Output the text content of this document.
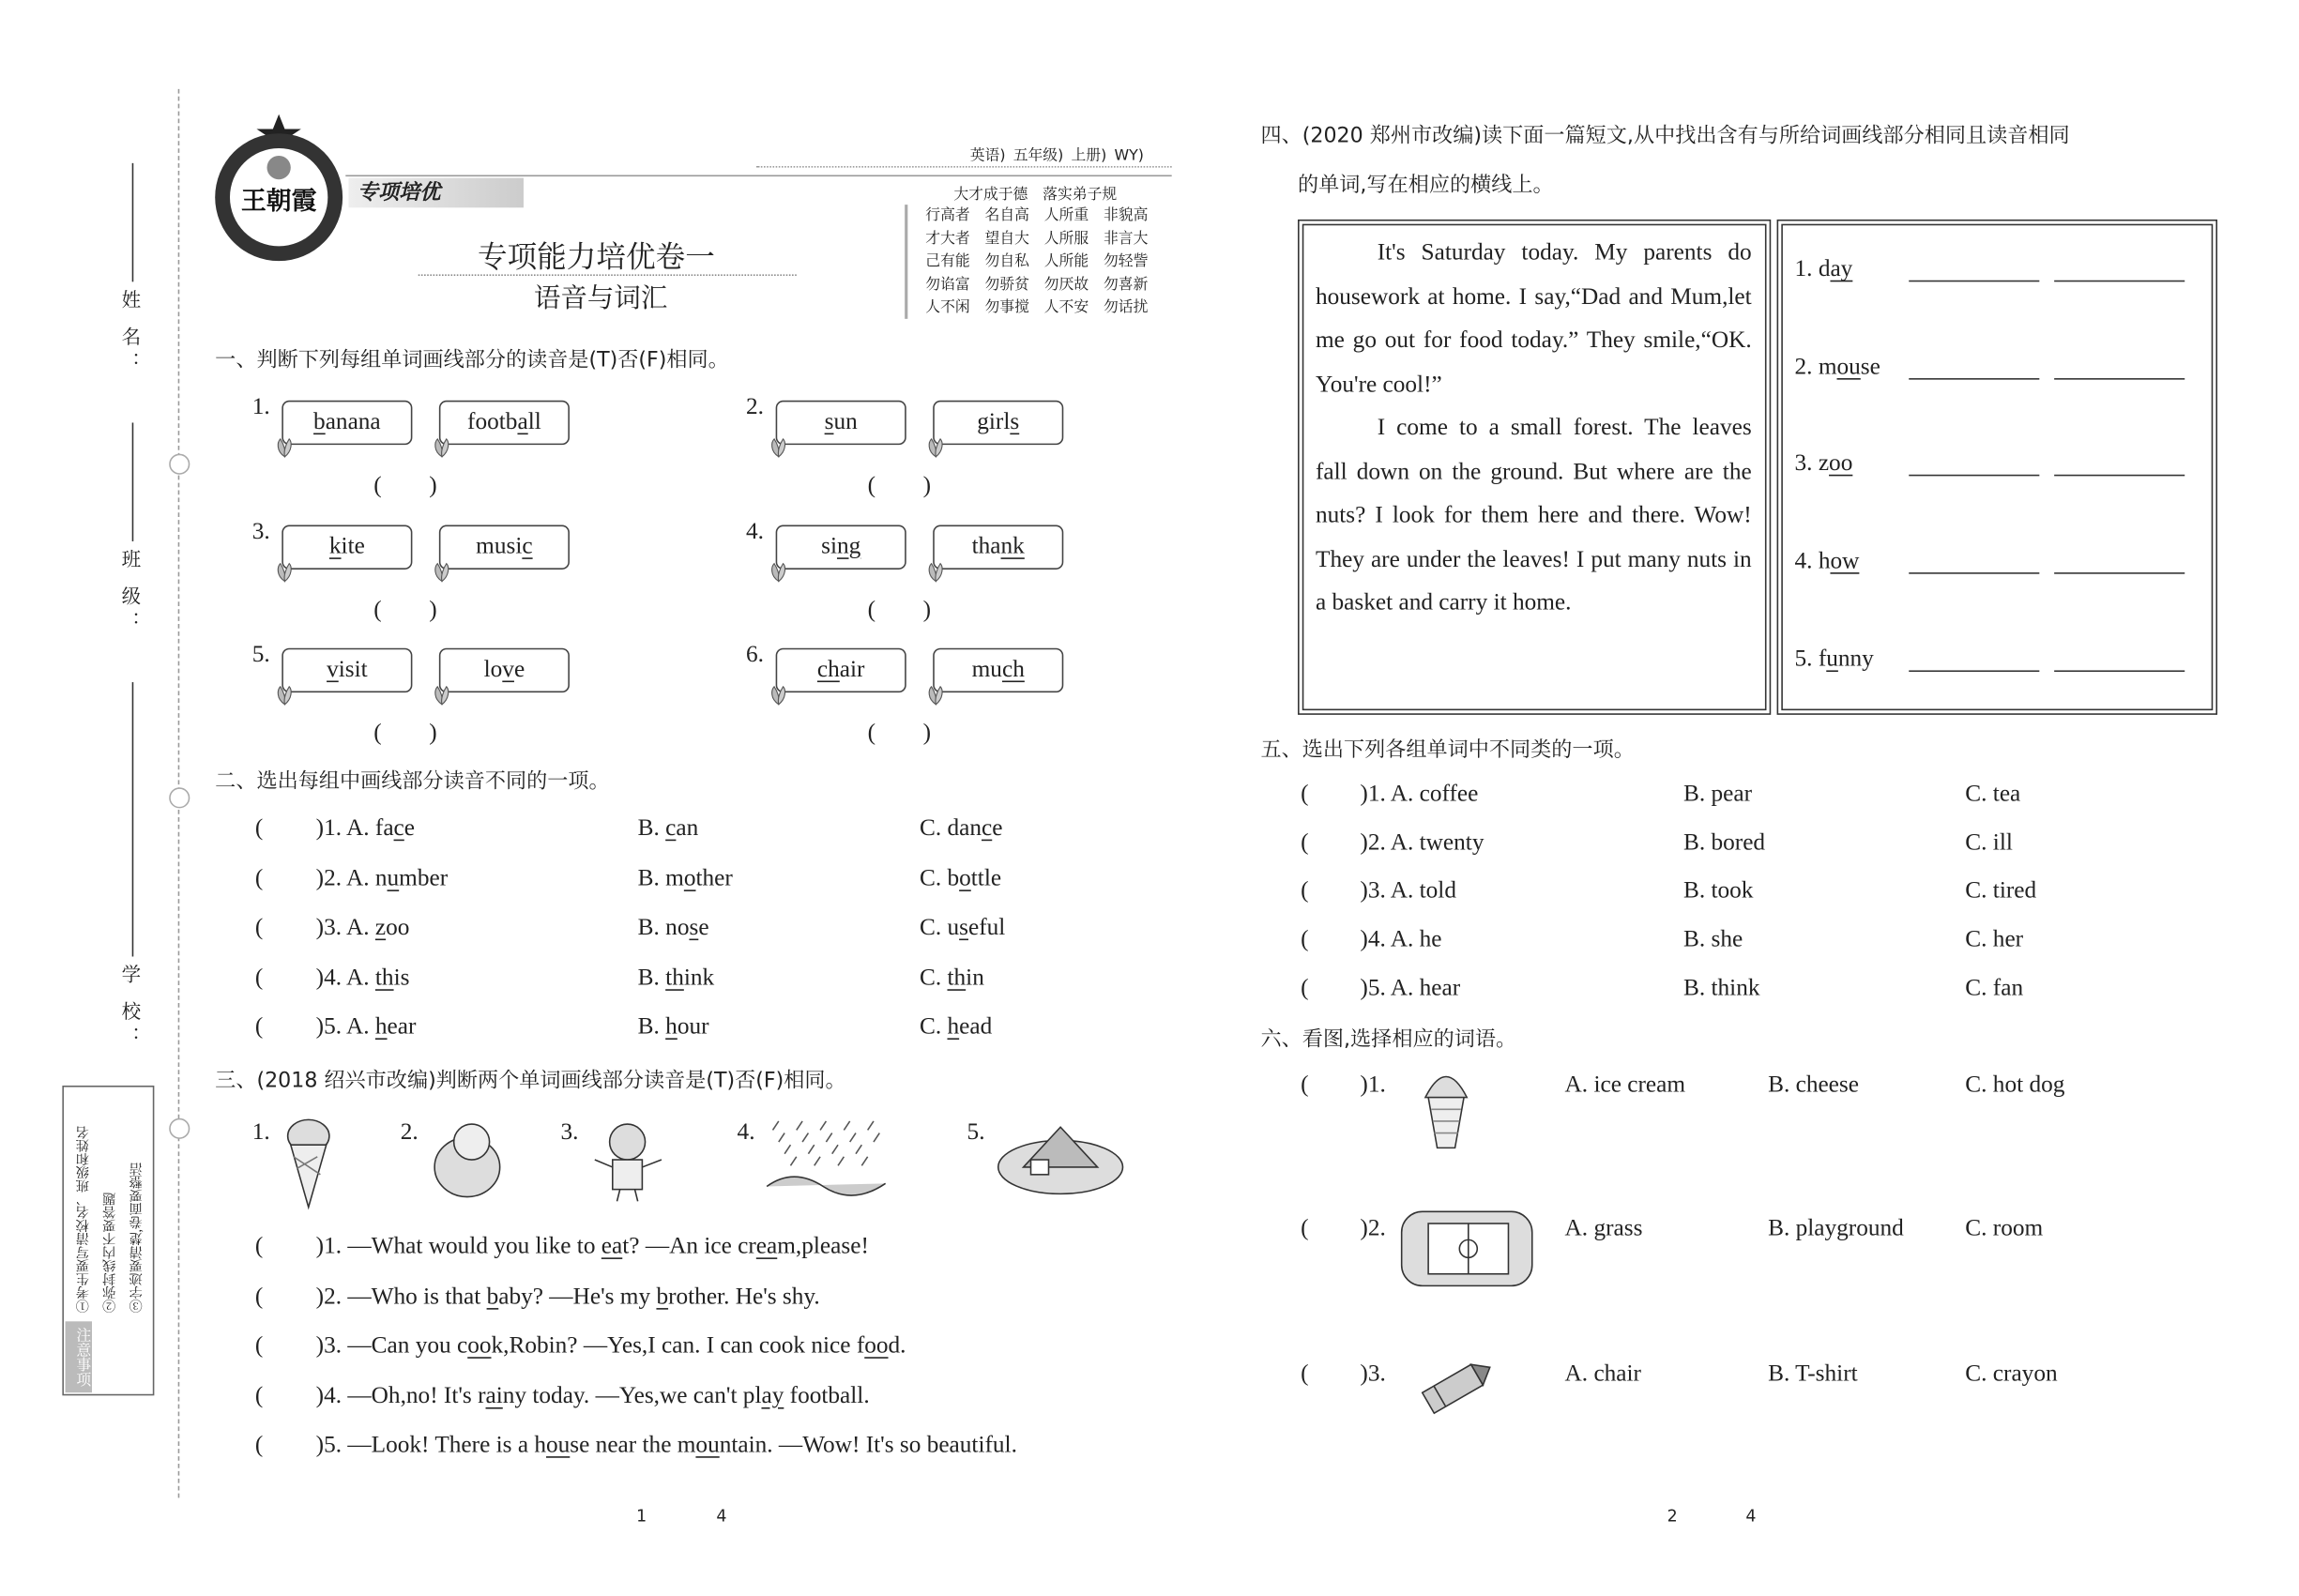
姓 名：
班 级：
学 校：
注意事项
①考生要写清校名、班级和姓名	②弥封线内不要答题	③字迹要清楚,卷面要整洁
王朝霞	专项培优
英语) 五年级) 上册) WY)
大才成于德　落实弟子规
行高者　名自高　人所重　非貌高
才大者　望自大　人所服　非言大
己有能　勿自私　人所能　勿轻訾
勿谄富　勿骄贫　勿厌故　勿喜新
人不闲　勿事搅　人不安　勿话扰
专项能力培优卷一
语音与词汇
1	4	2	4
一、判断下列每组单词画线部分的读音是(T)否(F)相同。
1.
banana	football
(　　)
2.
sun	girls
(　　)
3.
kite	music
(　　)
4.
sing	thank
(　　)
5.
visit	love
(　　)
6.
chair	much
(　　)
二、选出每组中画线部分读音不同的一项。
(	)1. A. face	B. can	C. dance
(	)2. A. number	B. mother	C. bottle
(	)3. A. zoo	B. nose	C. useful
(	)4. A. this	B. think	C. thin
(	)5. A. hear	B. hour	C. head
三、(2018 绍兴市改编)判断两个单词画线部分读音是(T)否(F)相同。
1.	2.	3.	4.	5.
(	)1. —What would you like to eat? —An ice cream,please!
(	)2. —Who is that baby? —He's my brother. He's shy.
(	)3. —Can you cook,Robin? —Yes,I can. I can cook nice food.
(	)4. —Oh,no! It's rainy today. —Yes,we can't play football.
(	)5. —Look! There is a house near the mountain. —Wow! It's so beautiful.
四、(2020 郑州市改编)读下面一篇短文,从中找出含有与所给词画线部分相同且读音相同
的单词,写在相应的横线上。
It's Saturday today. My parents do housework at home. I say,“Dad and Mum,let me go out for food today.” They smile,“OK. You're cool!”
I come to a small forest. The leaves fall down on the ground. But where are the nuts? I look for them here and there. Wow! They are under the leaves! I put many nuts in a basket and carry it home.
1. day
2. mouse
3. zoo
4. how
5. funny
五、选出下列各组单词中不同类的一项。
(	)1. A. coffee	B. pear	C. tea
(	)2. A. twenty	B. bored	C. ill
(	)3. A. told	B. took	C. tired
(	)4. A. he	B. she	C. her
(	)5. A. hear	B. think	C. fan
六、看图,选择相应的词语。
(	)1.	A. ice cream	B. cheese	C. hot dog
(	)2.	A. grass	B. playground	C. room
(	)3.	A. chair	B. T-shirt	C. crayon
